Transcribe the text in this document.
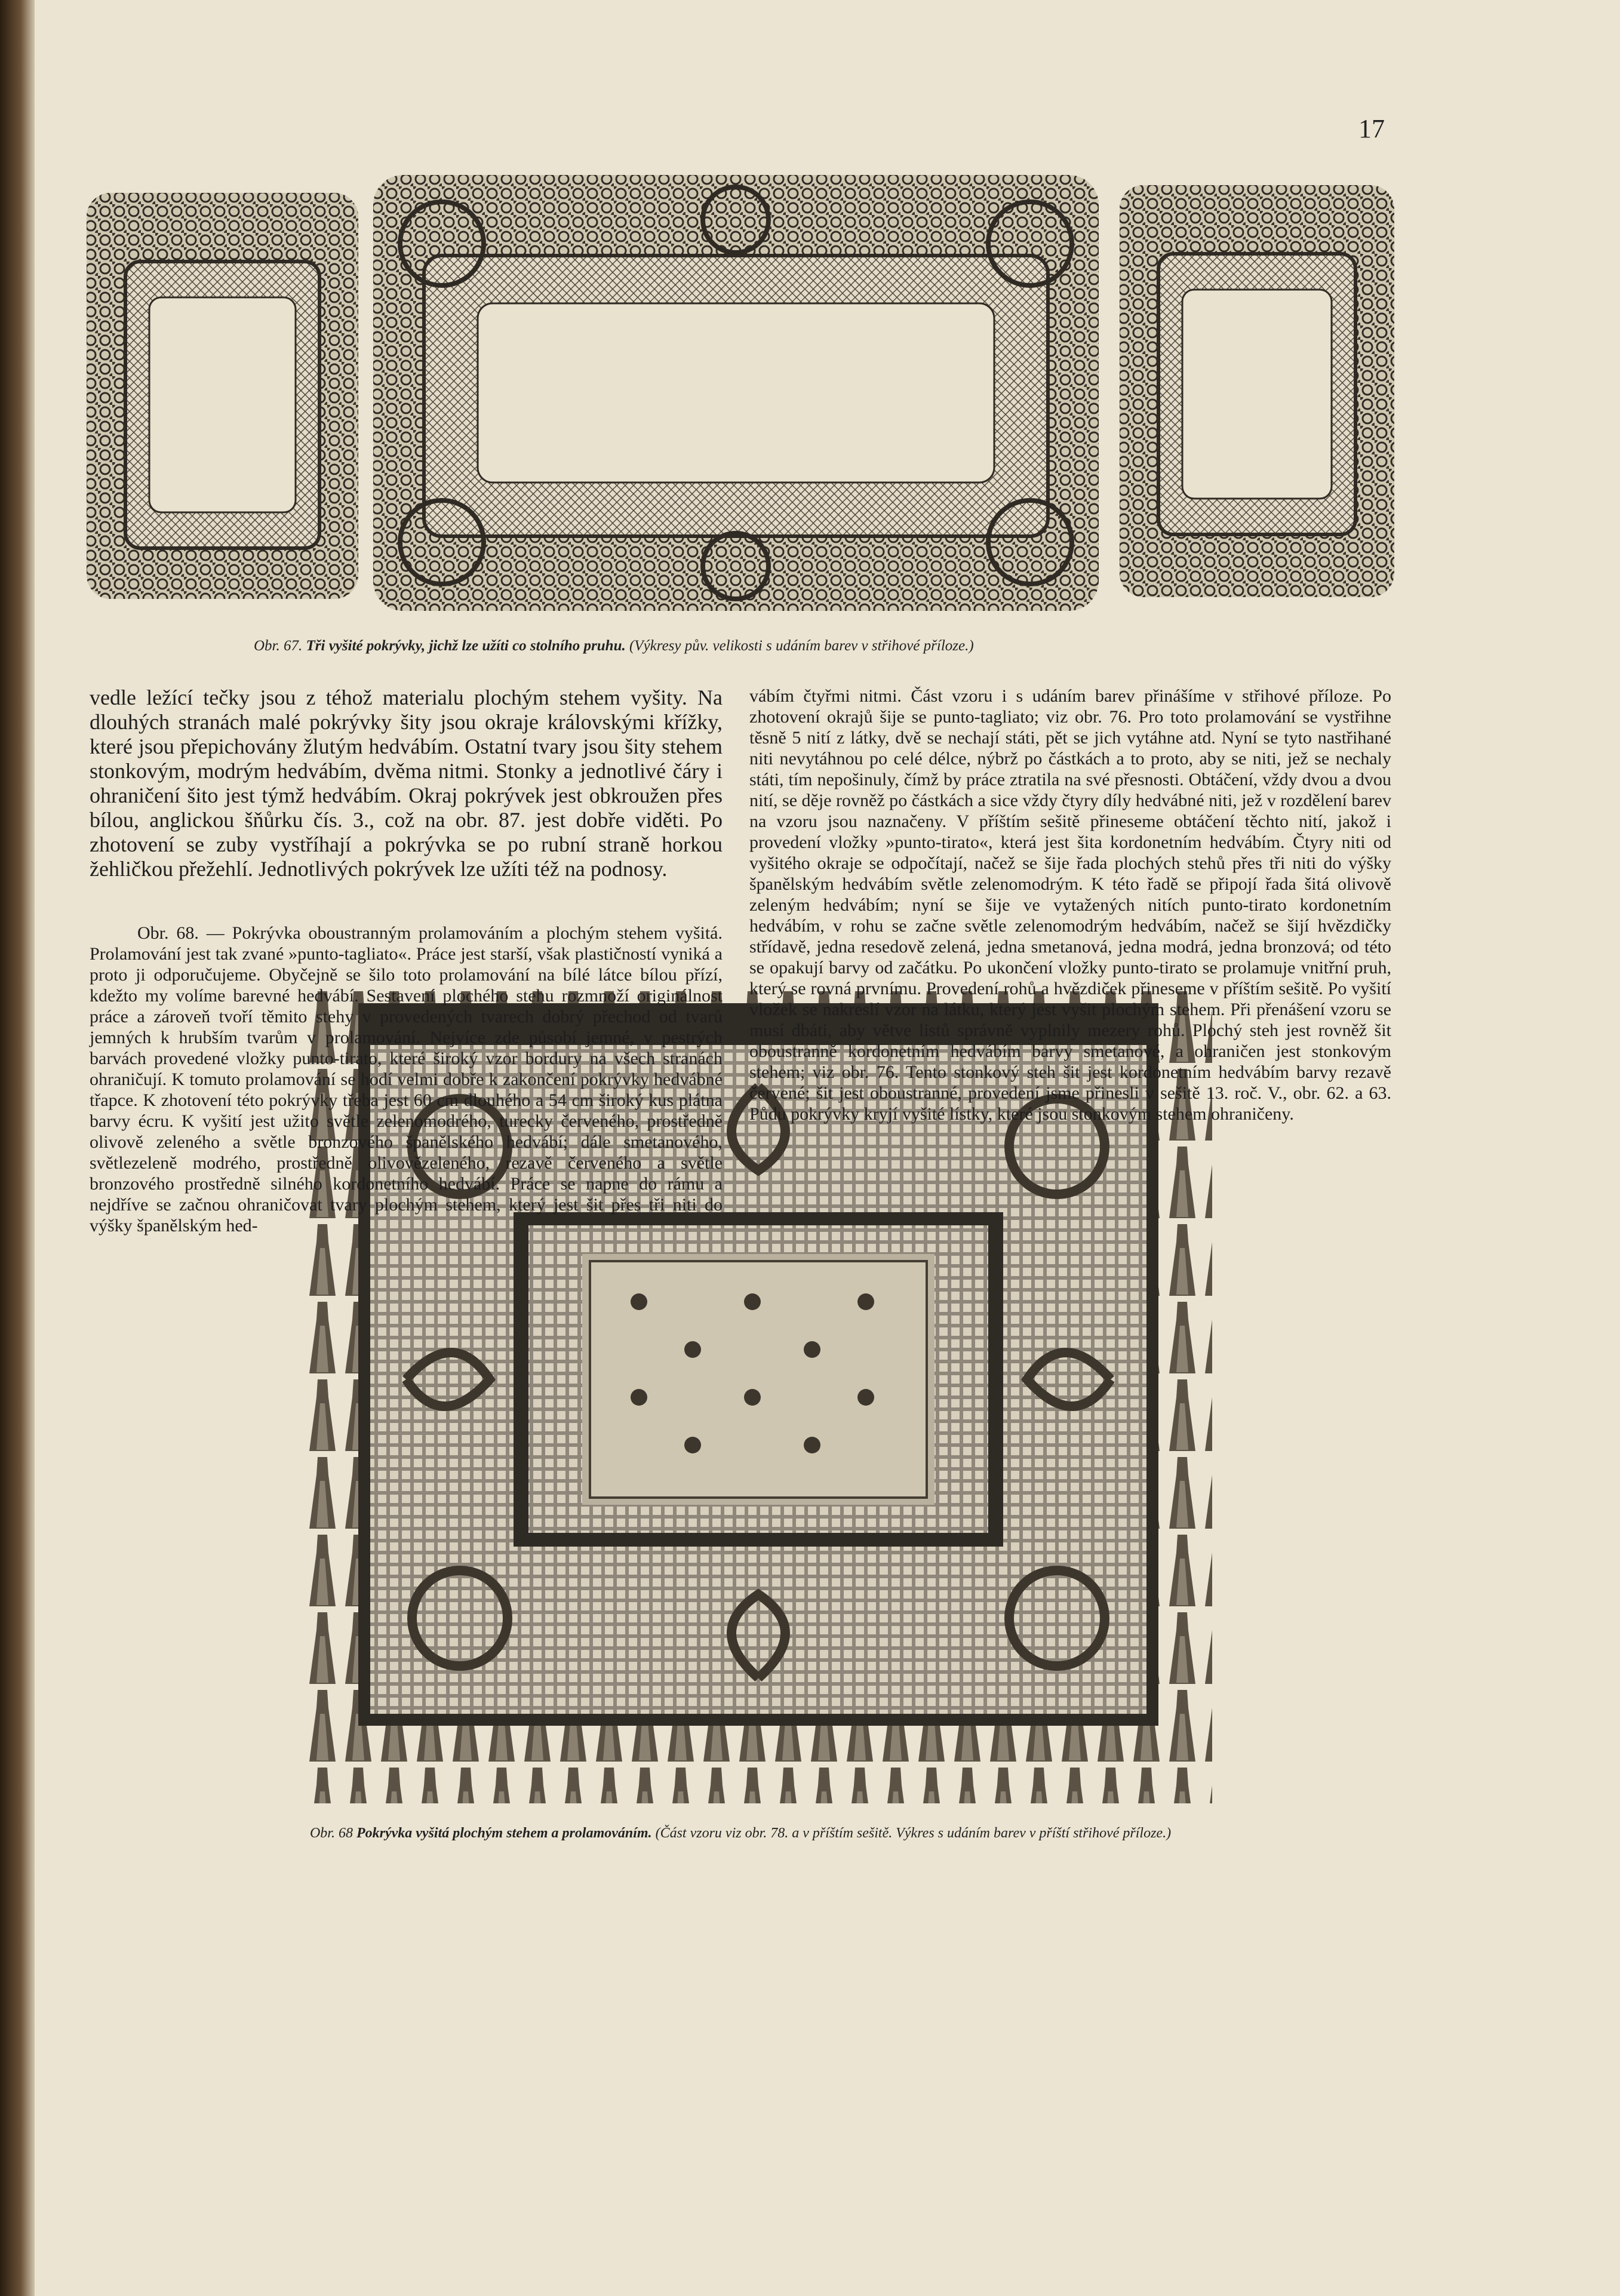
17
Obr. 67. Tři vyšité pokrývky, jichž lze užíti co stolního pruhu. (Výkresy pův. velikosti s udáním barev v střihové příloze.)
Obr. 68 Pokrývka vyšitá plochým stehem a prolamováním. (Část vzoru viz obr. 78. a v příštím sešitě. Výkres s udáním barev v příští střihové příloze.)

vedle ležící tečky jsou z téhož materialu plochým stehem vyšity. Na dlouhých stranách malé pokrývky šity jsou okraje královskými křížky, které jsou přepichovány žlutým hedvábím. Ostatní tvary jsou šity stehem stonkovým, modrým hedvábím, dvěma nitmi. Stonky a jednotlivé čáry i ohraničení šito jest týmž hedvábím. Okraj pokrývek jest obkroužen přes bílou, anglickou šňůrku čís. 3., což na obr. 87. jest dobře viděti. Po zhotovení se zuby vystříhají a pokrývka se po rubní straně horkou žehličkou přežehlí. Jednotlivých pokrývek lze užíti též na podnosy.

Obr. 68. — Pokrývka oboustranným prolamováním a plochým stehem vyšitá. Prolamování jest tak zvané »punto-tagliato«. Práce jest starší, však plastičností vyniká a proto ji odporučujeme. Obyčejně se šilo toto prolamování na bílé látce bílou přízí, kdežto my volíme barevné hedvábí. Sestavení plochého stehu rozmnoží originálnost práce a zároveň tvoří těmito stehy v provedených tvarech dobrý přechod od tvarů jemných k hrubším tvarům v prolamování. Nejvíce zde působí jemné, v pestrých barvách provedené vložky punto-tirato, které široký vzor bordury na všech stranách ohraničují. K tomuto prolamování se hodí velmi dobře k zakončení pokrývky hedvábné třapce. K zhotovení této pokrývky třeba jest 60 cm dlouhého a 54 cm široký kus plátna barvy écru. K vyšití jest užito světle zelenomodrého, turecky červeného, prostředně olivově zeleného a světle bronzového španělského hedvábí; dále smetanového, světlezeleně modrého, prostředně olivovězeleného, rezavě červeného a světle bronzového prostředně silného kordonetního hedvábí. Práce se napne do rámu a nejdříve se začnou ohraničovat tvary plochým stehem, který jest šit přes tři niti do výšky španělským hed-

vábím čtyřmi nitmi. Část vzoru i s udáním barev přinášíme v střihové příloze. Po zhotovení okrajů šije se punto-tagliato; viz obr. 76. Pro toto prolamování se vystřihne těsně 5 nití z látky, dvě se nechají státi, pět se jich vytáhne atd. Nyní se tyto nastřihané niti nevytáhnou po celé délce, nýbrž po částkách a to proto, aby se niti, jež se nechaly státi, tím nepošinuly, čímž by práce ztratila na své přesnosti. Obtáčení, vždy dvou a dvou nití, se děje rovněž po částkách a sice vždy čtyry díly hedvábné niti, jež v rozdělení barev na vzoru jsou naznačeny. V příštím sešitě přineseme obtáčení těchto nití, jakož i provedení vložky »punto-tirato«, která jest šita kordonetním hedvábím. Čtyry niti od vyšitého okraje se odpočítají, načež se šije řada plochých stehů přes tři niti do výšky španělským hedvábím světle zelenomodrým. K této řadě se připojí řada šitá olivově zeleným hedvábím; nyní se šije ve vytažených nitích punto-tirato kordonetním hedvábím, v rohu se začne světle zelenomodrým hedvábím, načež se šijí hvězdičky střídavě, jedna resedově zelená, jedna smetanová, jedna modrá, jedna bronzová; od této se opakují barvy od začátku. Po ukončení vložky punto-tirato se prolamuje vnitřní pruh, který se rovná prvnímu. Provedení rohů a hvězdiček přineseme v příštím sešitě. Po vyšití vložek se nakreslí vzor na látku, který jest vyšit plochým stehem. Při přenášení vzoru se musí dbáti, aby větve listů správně vyplnily mezery rohů. Plochý steh jest rovněž šit oboustranně kordonetním hedvábím barvy smetanové, a ohraničen jest stonkovým stehem; viz obr. 76. Tento stonkový steh šit jest kordonetním hedvábím barvy rezavě červené; šit jest oboustranné, provedení jsme přinesli v sešitě 13. roč. V., obr. 62. a 63. Půdu pokrývky kryjí vyšité lístky, které jsou stonkovým stehem ohraničeny.
